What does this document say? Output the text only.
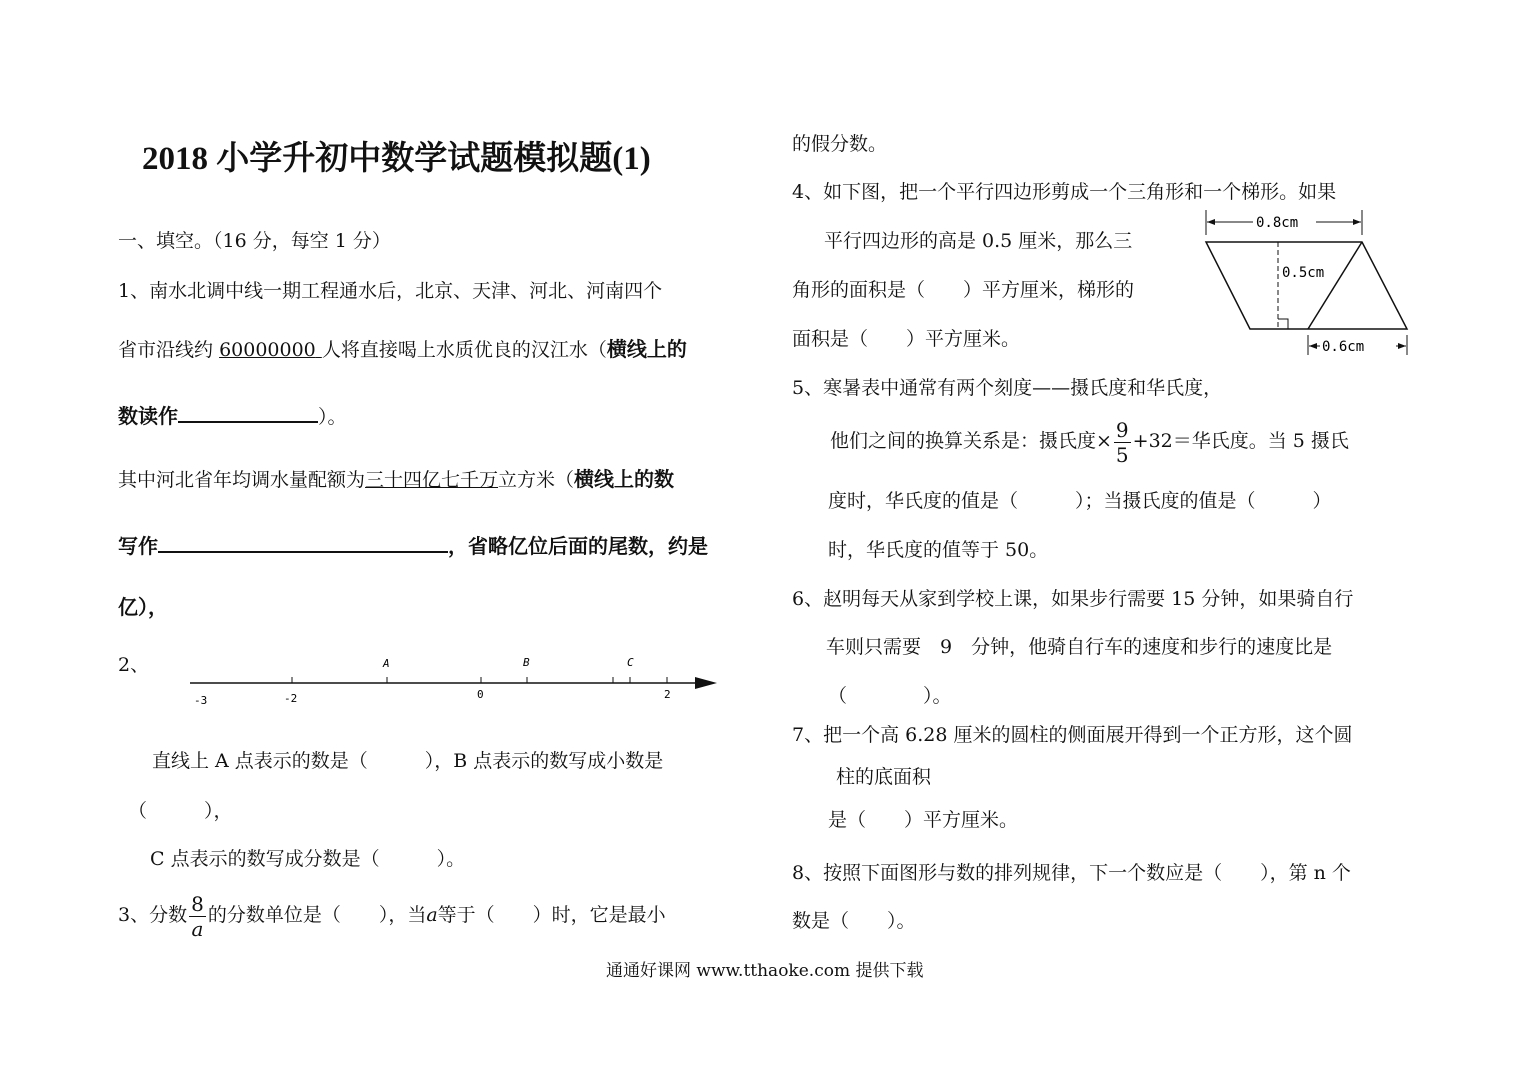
2018 小学升初中数学试题模拟题(1)
一、填空。（16 分，每空 1 分）
1、南水北调中线一期工程通水后，北京、天津、河北、河南四个
省市沿线约 60000000 人将直接喝上水质优良的汉江水（横线上的
数读作	）。
其中河北省年均调水量配额为三十四亿七千万立方米（横线上的数
写作	，省略亿位后面的尾数，约是
亿），
2、
-3	-2	0	2
A	B	C
直线上 A 点表示的数是（　　　），B 点表示的数写成小数是
（　　　），
C 点表示的数写成分数是（　　　）。
3、分数 $\frac{8}{a}$ 的分数单位是（　　），当a等于（　　）时，它是最小
的假分数。
4、如下图，把一个平行四边形剪成一个三角形和一个梯形。如果
平行四边形的高是 0.5 厘米，那么三
角形的面积是（　　）平方厘米，梯形的
面积是（　　）平方厘米。
0.8cm
0.5cm
0.6cm
5、寒暑表中通常有两个刻度——摄氏度和华氏度，
他们之间的换算关系是：摄氏度× $\frac{9}{5} +32=$华氏度。当 5 摄氏
度时，华氏度的值是（　　　）；当摄氏度的值是（　　　）
时，华氏度的值等于 50。
6、赵明每天从家到学校上课，如果步行需要 15 分钟，如果骑自行
车则只需要　9　分钟，他骑自行车的速度和步行的速度比是
（　　　　）。
7、把一个高 6.28 厘米的圆柱的侧面展开得到一个正方形，这个圆
柱的底面积
是（　　）平方厘米。
8、按照下面图形与数的排列规律，下一个数应是（　　），第 n 个
数是（　　）。
通通好课网 www.tthaoke.com 提供下载
